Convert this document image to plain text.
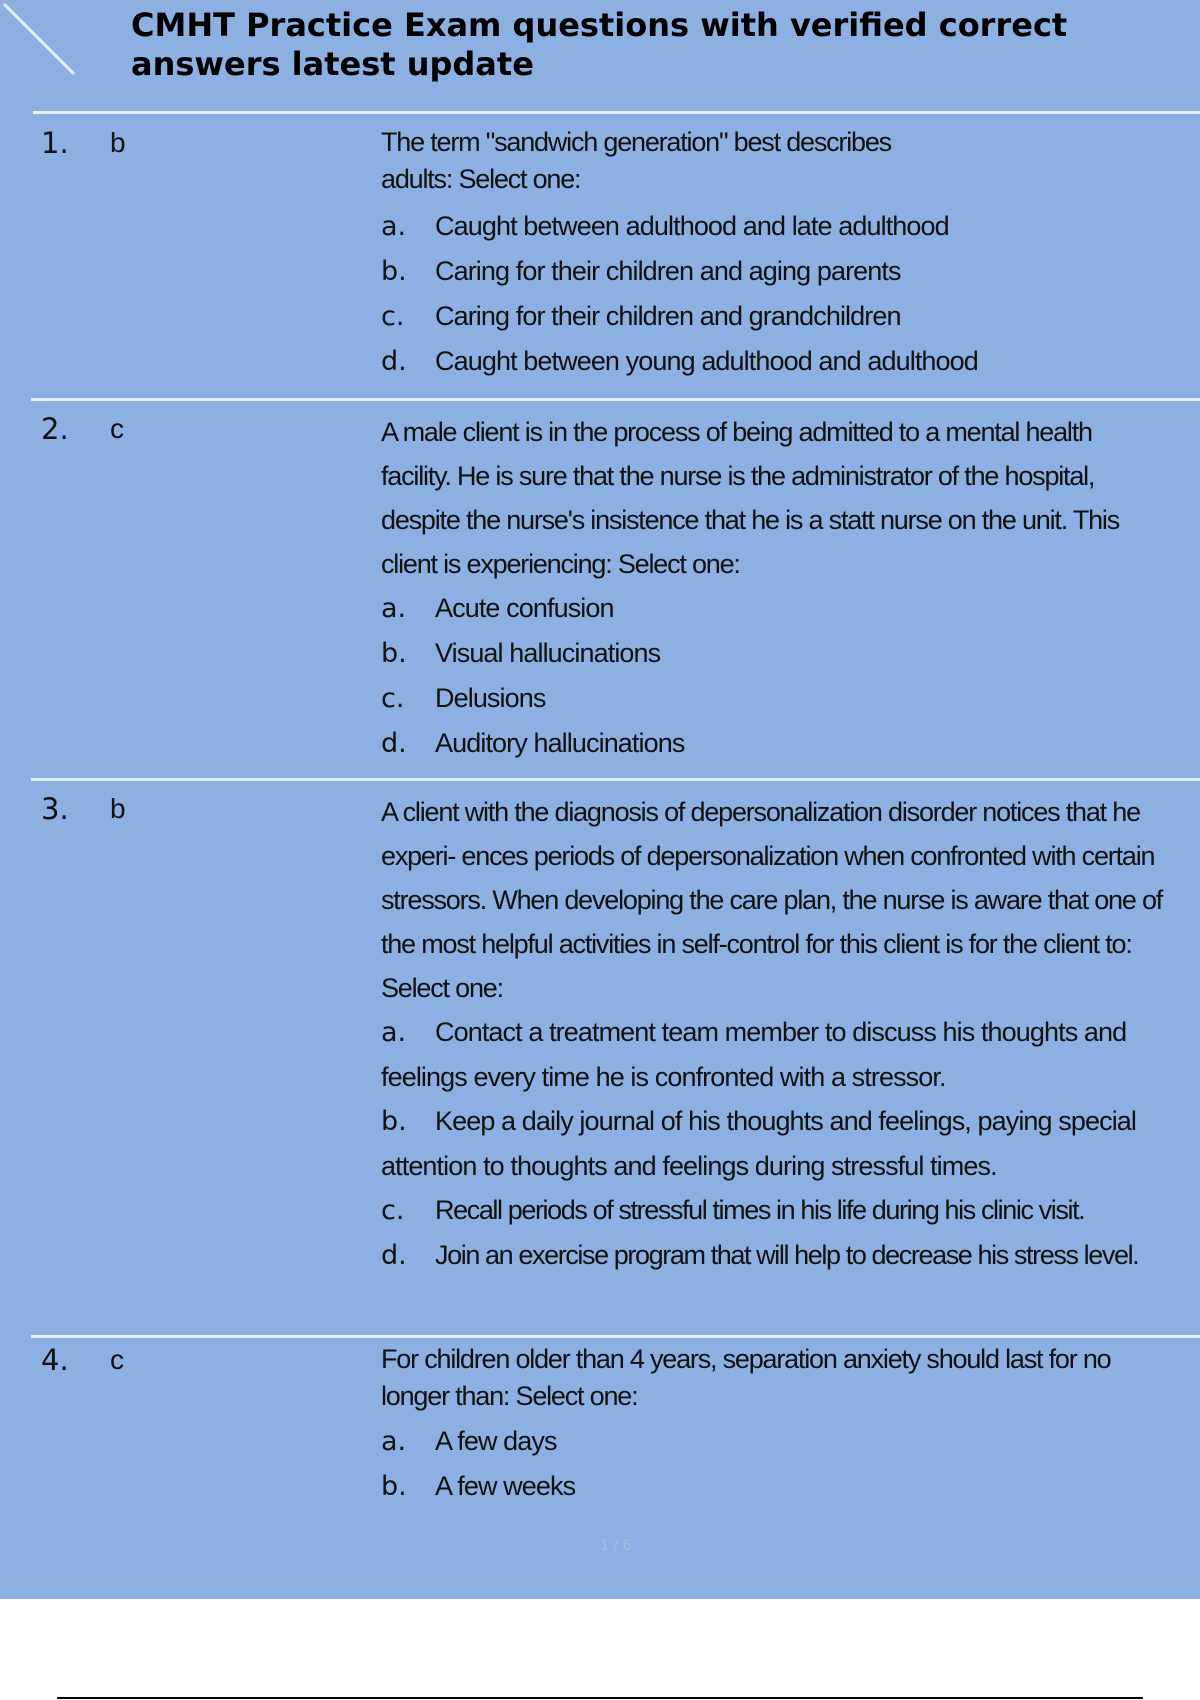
CMHT Practice Exam questions with verified correct answers latest update

1. b	The term "sandwich generation" best describes adults: Select one:

a. Caught between adulthood and late adulthood

b. Caring for their children and aging parents

c. Caring for their children and grandchildren

d. Caught between young adulthood and adulthood

2. c	A male client is in the process of being admitted to a mental health facility. He is sure that the nurse is the administrator of the hospital, despite the nurse's insistence that he is a statt nurse on the unit. This client is experiencing: Select one:

a. Acute confusion

b. Visual hallucinations

c. Delusions

d. Auditory hallucinations

3. b	A client with the diagnosis of depersonalization disorder notices that he experi- ences periods of depersonalization when confronted with certain stressors. When developing the care plan, the nurse is aware that one of the most helpful activities in self-control for this client is for the client to:

Select one:

a. Contact a treatment team member to discuss his thoughts and feelings every time he is confronted with a stressor.

b. Keep a daily journal of his thoughts and feelings, paying special attention to thoughts and feelings during stressful times.

c. Recall periods of stressful times in his life during his clinic visit.

d. Join an exercise program that will help to decrease his stress level.

4. c	For children older than 4 years, separation anxiety should last for no longer than: Select one:

a. A few days

b. A few weeks

1 / 6
